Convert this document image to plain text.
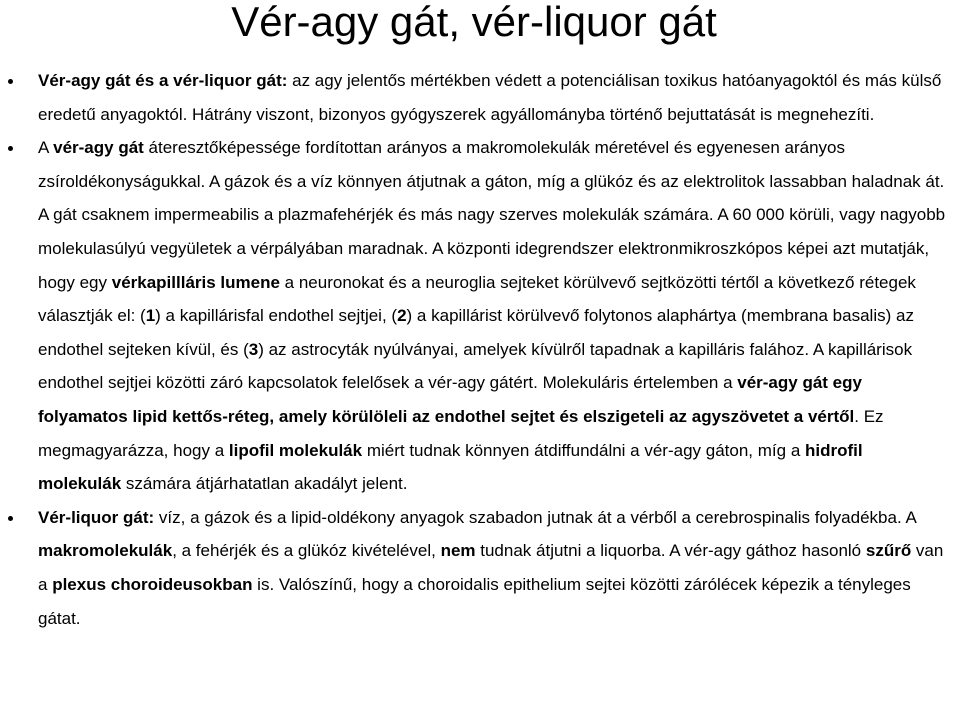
Vér-agy gát, vér-liquor gát
Vér-agy gát és a vér-liquor gát: az agy jelentős mértékben védett a potenciálisan toxikus hatóanyagoktól és más külső eredetű anyagoktól. Hátrány viszont, bizonyos gyógyszerek agyállományba történő bejuttatását is megnehezíti.
A vér-agy gát áteresztőképessége fordítottan arányos a makromolekulák méretével és egyenesen arányos zsíroldékonyságukkal. A gázok és a víz könnyen átjutnak a gáton, míg a glükóz és az elektrolitok lassabban haladnak át. A gát csaknem impermeabilis a plazmafehérjék és más nagy szerves molekulák számára. A 60 000 körüli, vagy nagyobb molekulasúlyú vegyületek a vérpályában maradnak. A központi idegrendszer elektronmikroszkópos képei azt mutatják, hogy egy vérkapillláris lumene a neuronokat és a neuroglia sejteket körülvevő sejtközötti tértől a következő rétegek választják el: (1) a kapillárisfal endothel sejtjei, (2) a kapillárist körülvevő folytonos alaphártya (membrana basalis) az endothel sejteken kívül, és (3) az astrocyták nyúlványai, amelyek kívülről tapadnak a kapilláris falához. A kapillárisok endothel sejtjei közötti záró kapcsolatok felelősek a vér-agy gátért. Molekuláris értelemben a vér-agy gát egy folyamatos lipid kettős-réteg, amely körülöleli az endothel sejtet és elszigeteli az agyszövetet a vértől. Ez megmagyarázza, hogy a lipofil molekulák miért tudnak könnyen átdiffundálni a vér-agy gáton, míg a hidrofil molekulák számára átjárhatatlan akadályt jelent.
Vér-liquor gát: víz, a gázok és a lipid-oldékony anyagok szabadon jutnak át a vérből a cerebrospinalis folyadékba. A makromolekulák, a fehérjék és a glükóz kivételével, nem tudnak átjutni a liquorba. A vér-agy gáthoz hasonló szűrő van a plexus choroideusokban is. Valószínű, hogy a choroidalis epithelium sejtei közötti zárólécek képezik a tényleges gátat.
